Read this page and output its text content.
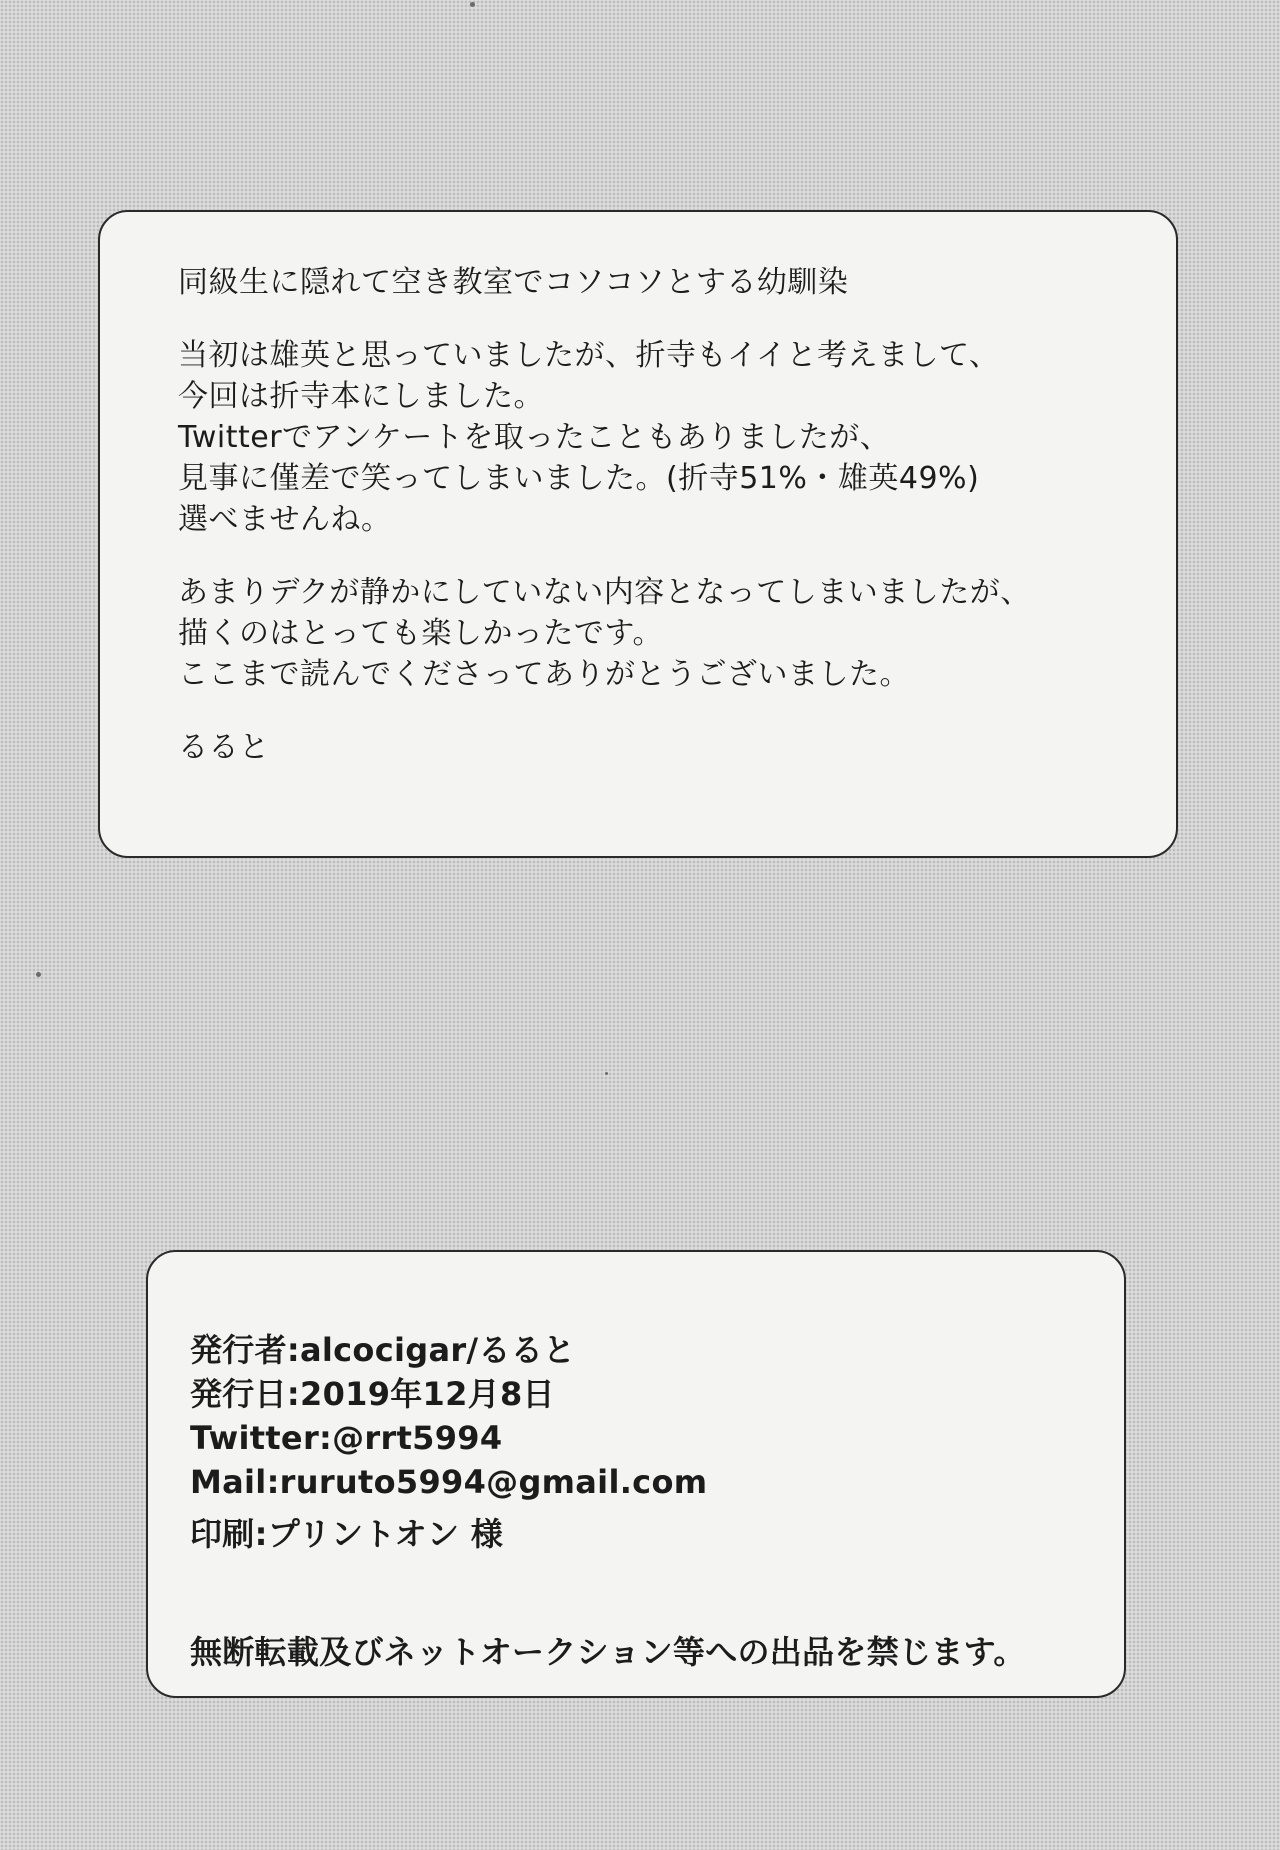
同級生に隠れて空き教室でコソコソとする幼馴染
当初は雄英と思っていましたが、折寺もイイと考えまして、
今回は折寺本にしました。
Twitterでアンケートを取ったこともありましたが、
見事に僅差で笑ってしまいました。(折寺51%・雄英49%)
選べませんね。
あまりデクが静かにしていない内容となってしまいましたが、
描くのはとっても楽しかったです。
ここまで読んでくださってありがとうございました。
るると
発行者:alcocigar/るると
発行日:2019年12月8日
Twitter:@rrt5994
Mail:ruruto5994@gmail.com
印刷:プリントオン 様
無断転載及びネットオークション等への出品を禁じます。
